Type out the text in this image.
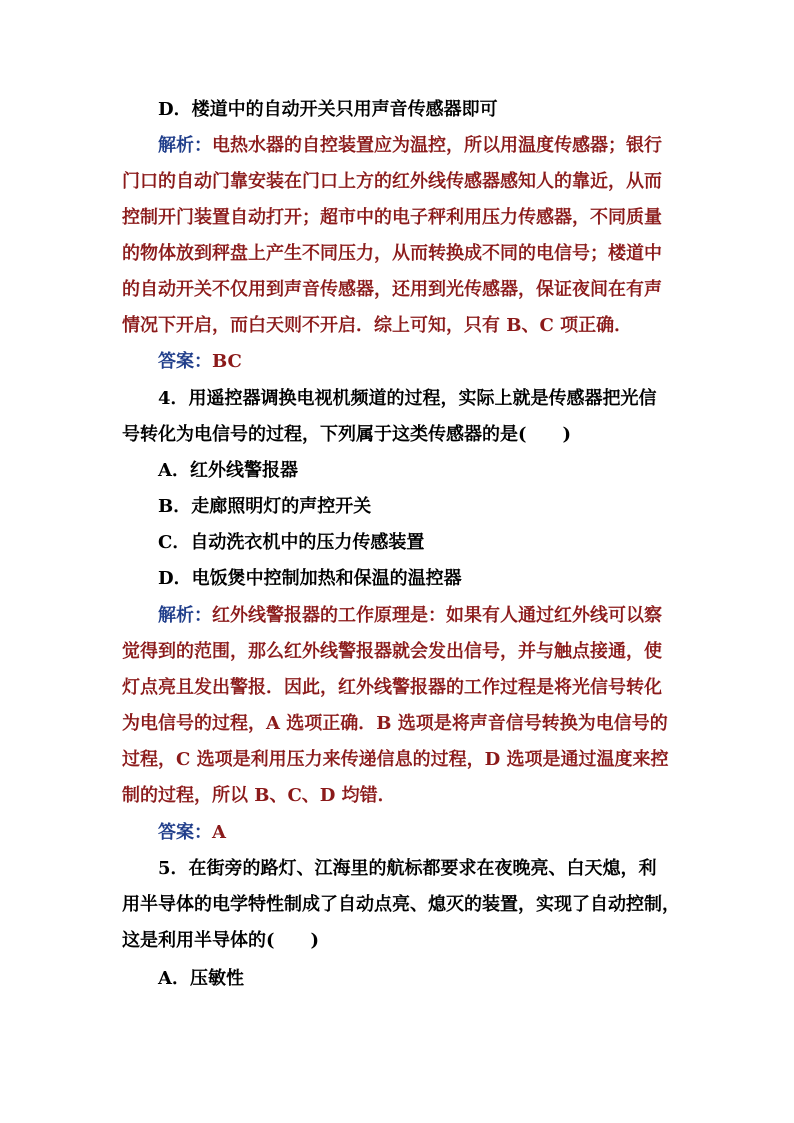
D．楼道中的自动开关只用声音传感器即可
解析：电热水器的自控装置应为温控，所以用温度传感器；银行
门口的自动门靠安装在门口上方的红外线传感器感知人的靠近，从而
控制开门装置自动打开；超市中的电子秤利用压力传感器，不同质量
的物体放到秤盘上产生不同压力，从而转换成不同的电信号；楼道中
的自动开关不仅用到声音传感器，还用到光传感器，保证夜间在有声
情况下开启，而白天则不开启．综上可知，只有 B、C 项正确．
答案：BC
4．用遥控器调换电视机频道的过程，实际上就是传感器把光信
号转化为电信号的过程，下列属于这类传感器的是(　　)
A．红外线警报器
B．走廊照明灯的声控开关
C．自动洗衣机中的压力传感装置
D．电饭煲中控制加热和保温的温控器
解析：红外线警报器的工作原理是：如果有人通过红外线可以察
觉得到的范围，那么红外线警报器就会发出信号，并与触点接通，使
灯点亮且发出警报．因此，红外线警报器的工作过程是将光信号转化
为电信号的过程，A 选项正确．B 选项是将声音信号转换为电信号的
过程，C 选项是利用压力来传递信息的过程，D 选项是通过温度来控
制的过程，所以 B、C、D 均错．
答案：A
5．在街旁的路灯、江海里的航标都要求在夜晚亮、白天熄，利
用半导体的电学特性制成了自动点亮、熄灭的装置，实现了自动控制，
这是利用半导体的(　　)
A．压敏性
